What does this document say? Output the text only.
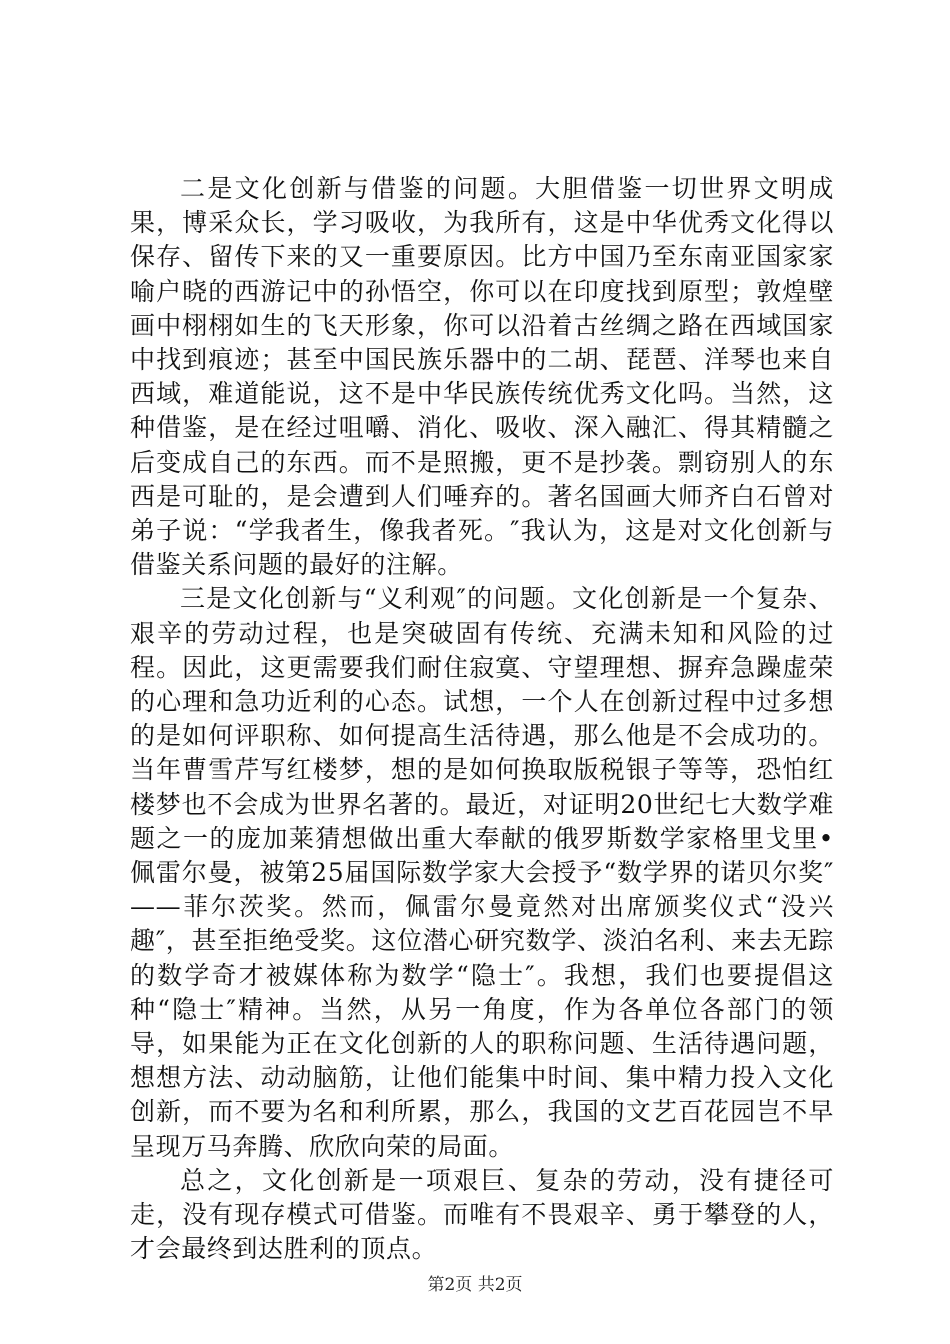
二是文化创新与借鉴的问题。大胆借鉴一切世界文明成果，博采众长，学习吸收，为我所有，这是中华优秀文化得以保存、留传下来的又一重要原因。比方中国乃至东南亚国家家喻户晓的西游记中的孙悟空，你可以在印度找到原型；敦煌壁画中栩栩如生的飞天形象，你可以沿着古丝绸之路在西域国家中找到痕迹；甚至中国民族乐器中的二胡、琵琶、洋琴也来自西域，难道能说，这不是中华民族传统优秀文化吗。当然，这种借鉴，是在经过咀嚼、消化、吸收、深入融汇、得其精髓之后变成自己的东西。而不是照搬，更不是抄袭。剽窃别人的东西是可耻的，是会遭到人们唾弃的。著名国画大师齐白石曾对弟子说：“学我者生，像我者死。″我认为，这是对文化创新与借鉴关系问题的最好的注解。

三是文化创新与“义利观″的问题。文化创新是一个复杂、艰辛的劳动过程，也是突破固有传统、充满未知和风险的过程。因此，这更需要我们耐住寂寞、守望理想、摒弃急躁虚荣的心理和急功近利的心态。试想，一个人在创新过程中过多想的是如何评职称、如何提高生活待遇，那么他是不会成功的。当年曹雪芹写红楼梦，想的是如何换取版税银子等等，恐怕红楼梦也不会成为世界名著的。最近，对证明20世纪七大数学难题之一的庞加莱猜想做出重大奉献的俄罗斯数学家格里戈里•佩雷尔曼，被第25届国际数学家大会授予“数学界的诺贝尔奖″——菲尔茨奖。然而，佩雷尔曼竟然对出席颁奖仪式“没兴趣″，甚至拒绝受奖。这位潜心研究数学、淡泊名利、来去无踪的数学奇才被媒体称为数学“隐士″。我想，我们也要提倡这种“隐士″精神。当然，从另一角度，作为各单位各部门的领导，如果能为正在文化创新的人的职称问题、生活待遇问题，想想方法、动动脑筋，让他们能集中时间、集中精力投入文化创新，而不要为名和利所累，那么，我国的文艺百花园岂不早呈现万马奔腾、欣欣向荣的局面。

总之，文化创新是一项艰巨、复杂的劳动，没有捷径可走，没有现存模式可借鉴。而唯有不畏艰辛、勇于攀登的人，才会最终到达胜利的顶点。

第2页 共2页
